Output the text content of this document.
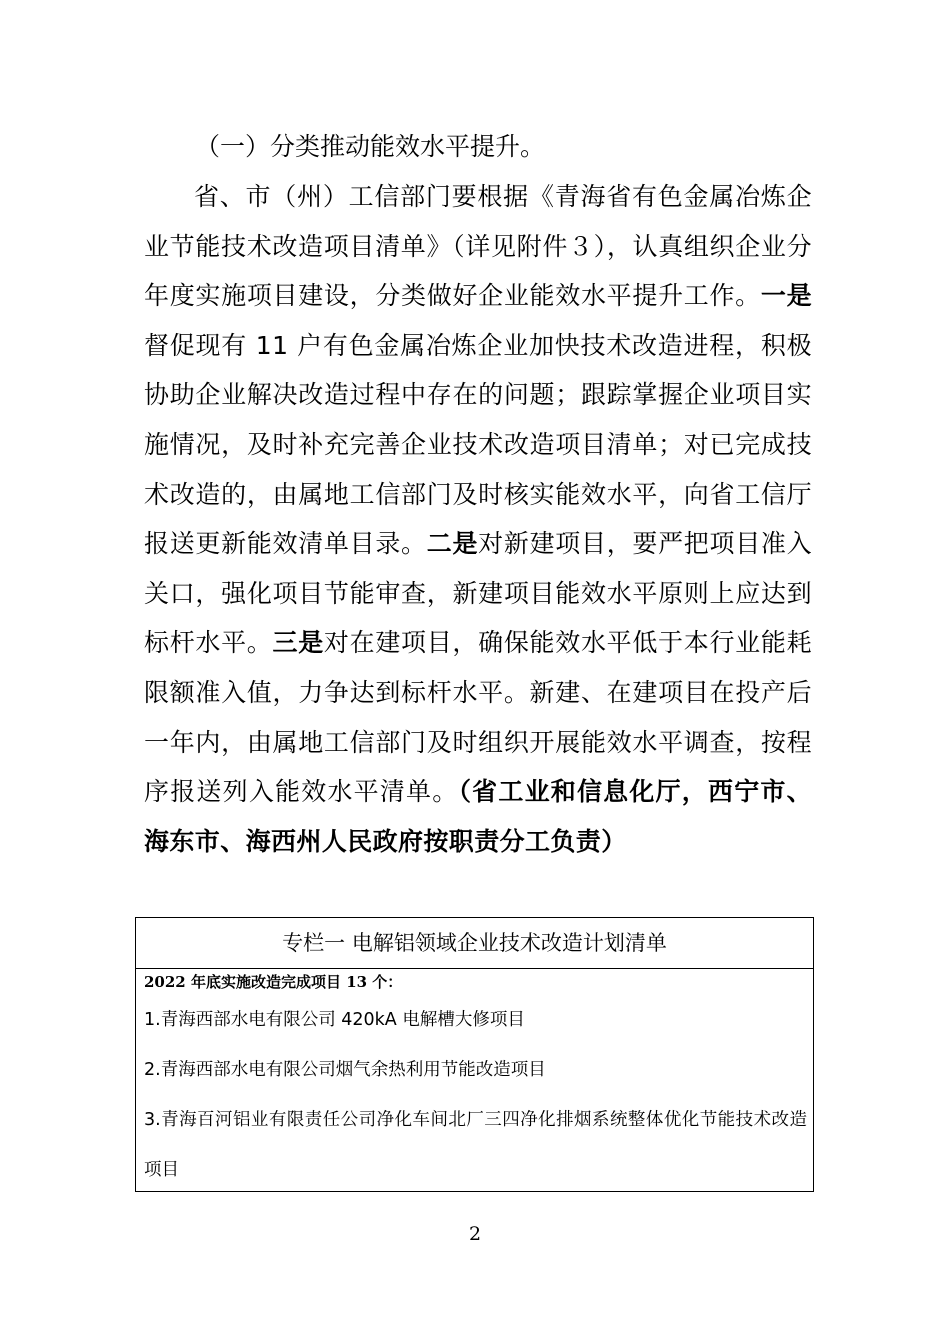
（一）分类推动能效水平提升。

省、市（州）工信部门要根据《青海省有色金属冶炼企业节能技术改造项目清单》（详见附件３），认真组织企业分年度实施项目建设，分类做好企业能效水平提升工作。一是督促现有 11 户有色金属冶炼企业加快技术改造进程，积极协助企业解决改造过程中存在的问题；跟踪掌握企业项目实施情况，及时补充完善企业技术改造项目清单；对已完成技术改造的，由属地工信部门及时核实能效水平，向省工信厅报送更新能效清单目录。二是对新建项目，要严把项目准入关口，强化项目节能审查，新建项目能效水平原则上应达到标杆水平。三是对在建项目，确保能效水平低于本行业能耗限额准入值，力争达到标杆水平。新建、在建项目在投产后一年内，由属地工信部门及时组织开展能效水平调查，按程序报送列入能效水平清单。（省工业和信息化厅，西宁市、海东市、海西州人民政府按职责分工负责）

专栏一 电解铝领域企业技术改造计划清单
2022 年底实施改造完成项目 13 个：
1.青海西部水电有限公司 420kA 电解槽大修项目
2.青海西部水电有限公司烟气余热利用节能改造项目
3.青海百河铝业有限责任公司净化车间北厂三四净化排烟系统整体优化节能技术改造项目
2
